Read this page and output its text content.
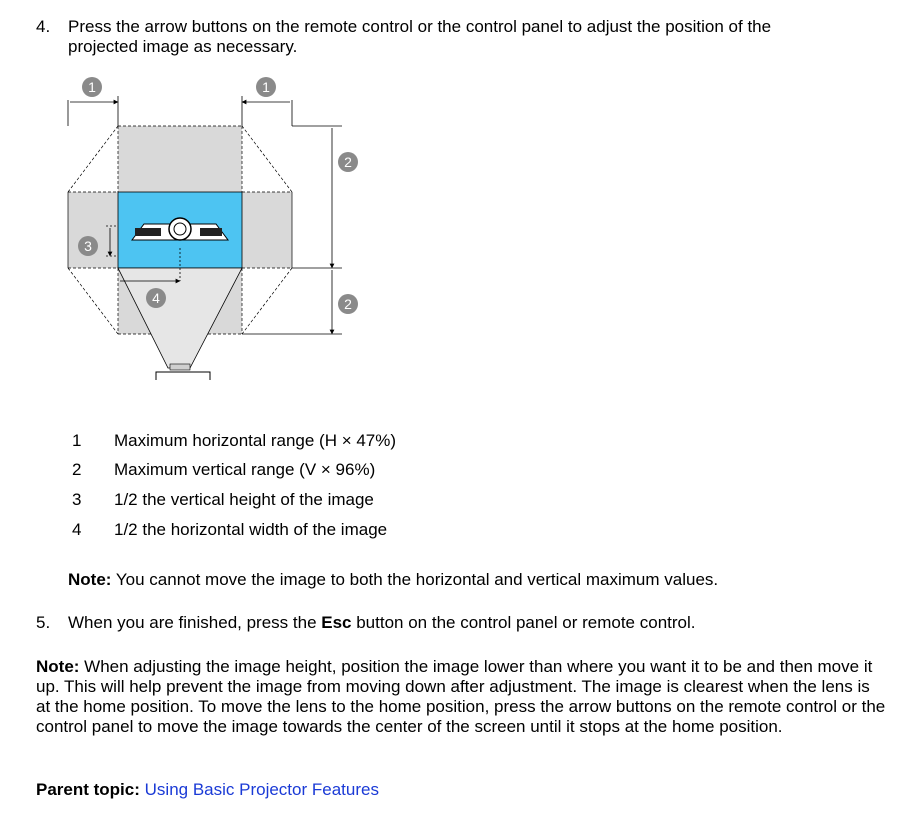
4. Press the arrow buttons on the remote control or the control panel to adjust the position of the
projected image as necessary.
1	1
2
2
3
4
1 Maximum horizontal range (H × 47%)
2 Maximum vertical range (V × 96%)
3 1/2 the vertical height of the image
4 1/2 the horizontal width of the image
Note: You cannot move the image to both the horizontal and vertical maximum values.
5. When you are finished, press the Esc button on the control panel or remote control.
Note: When adjusting the image height, position the image lower than where you want it to be and then move it up. This will help prevent the image from moving down after adjustment. The image is clearest when the lens is at the home position. To move the lens to the home position, press the arrow buttons on the remote control or the control panel to move the image towards the center of the screen until it stops at the home position.
Parent topic: Using Basic Projector Features
